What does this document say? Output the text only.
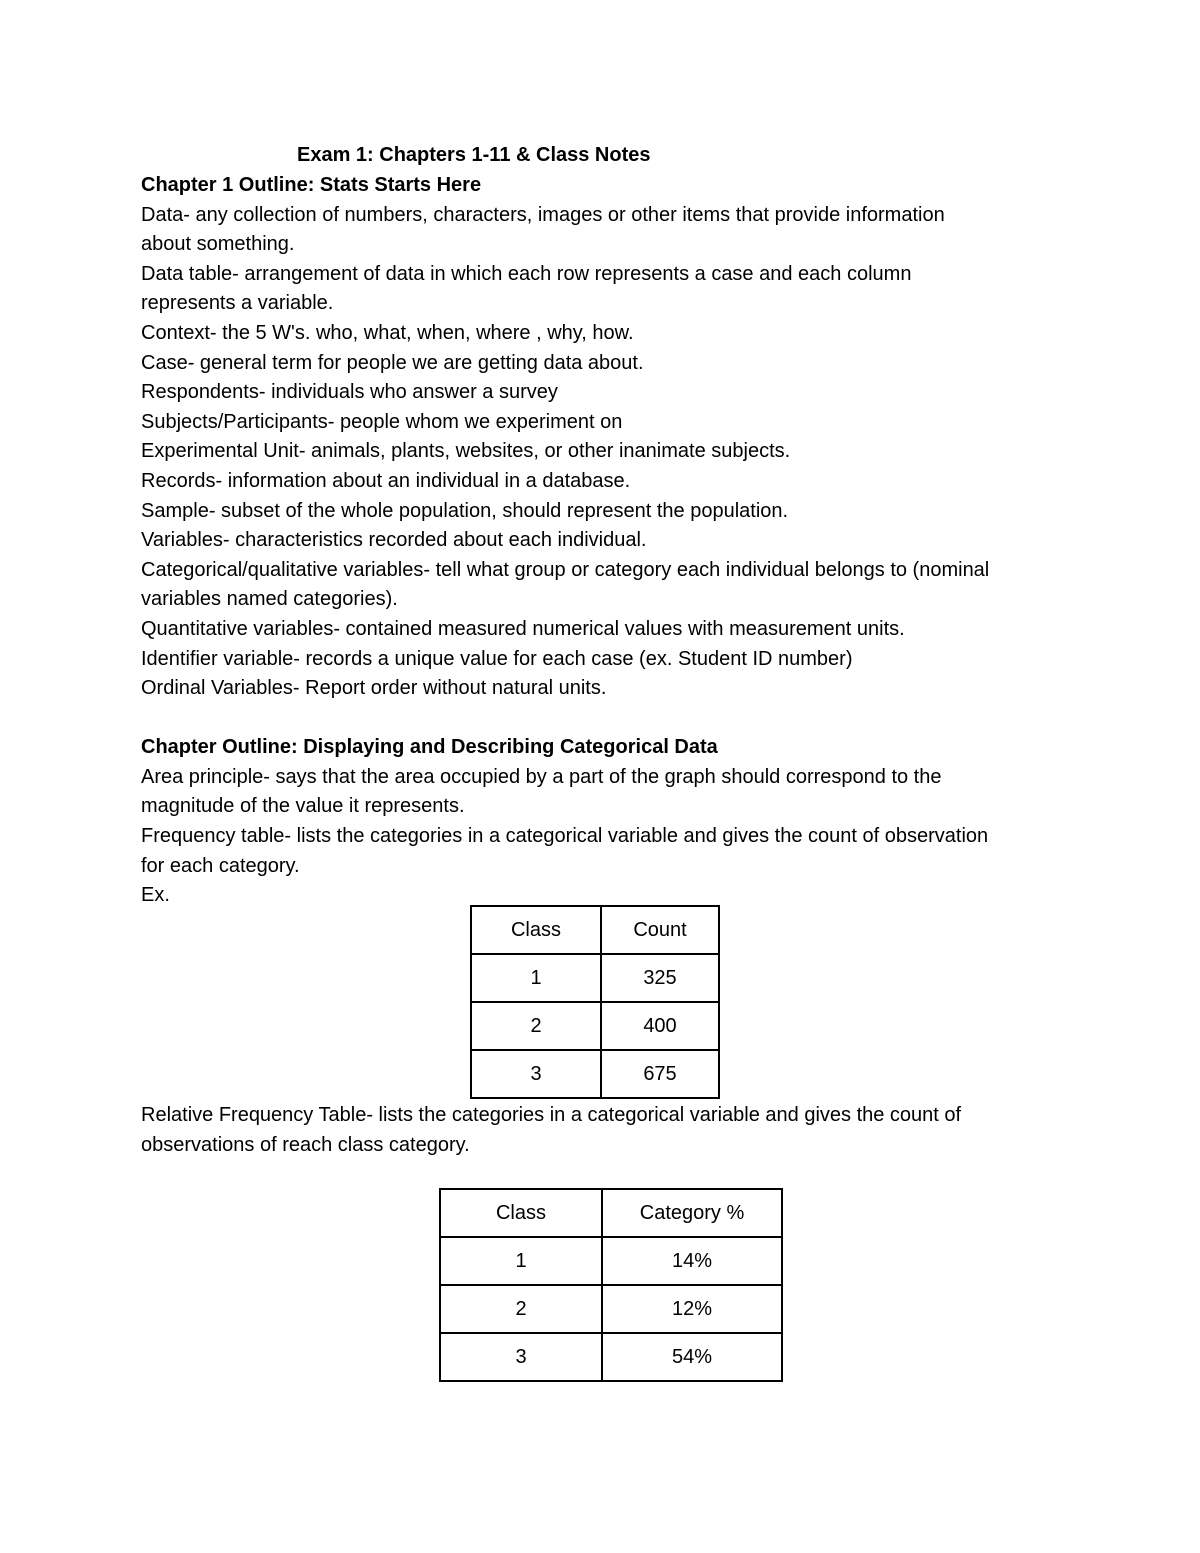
Exam 1: Chapters 1-11 & Class Notes

Chapter 1 Outline: Stats Starts Here

Data- any collection of numbers, characters, images or other items that provide information

about something.

Data table- arrangement of data in which each row represents a case and each column

represents a variable.

Context- the 5 W's. who, what, when, where , why, how.

Case- general term for people we are getting data about.

Respondents- individuals who answer a survey

Subjects/Participants- people whom we experiment on

Experimental Unit- animals, plants, websites, or other inanimate subjects.

Records- information about an individual in a database.

Sample- subset of the whole population, should represent the population.

Variables- characteristics recorded about each individual.

Categorical/qualitative variables- tell what group or category each individual belongs to (nominal

variables named categories).

Quantitative variables- contained measured numerical values with measurement units.

Identifier variable- records a unique value for each case (ex. Student ID number)

Ordinal Variables- Report order without natural units.

Chapter Outline: Displaying and Describing Categorical Data

Area principle- says that the area occupied by a part of the graph should correspond to the

magnitude of the value it represents.

Frequency table- lists the categories in a categorical variable and gives the count of observation

for each category.

Ex.

Class	Count
1	325
2	400
3	675

Relative Frequency Table- lists the categories in a categorical variable and gives the count of

observations of reach class category.

Class	Category %
1	14%
2	12%
3	54%
